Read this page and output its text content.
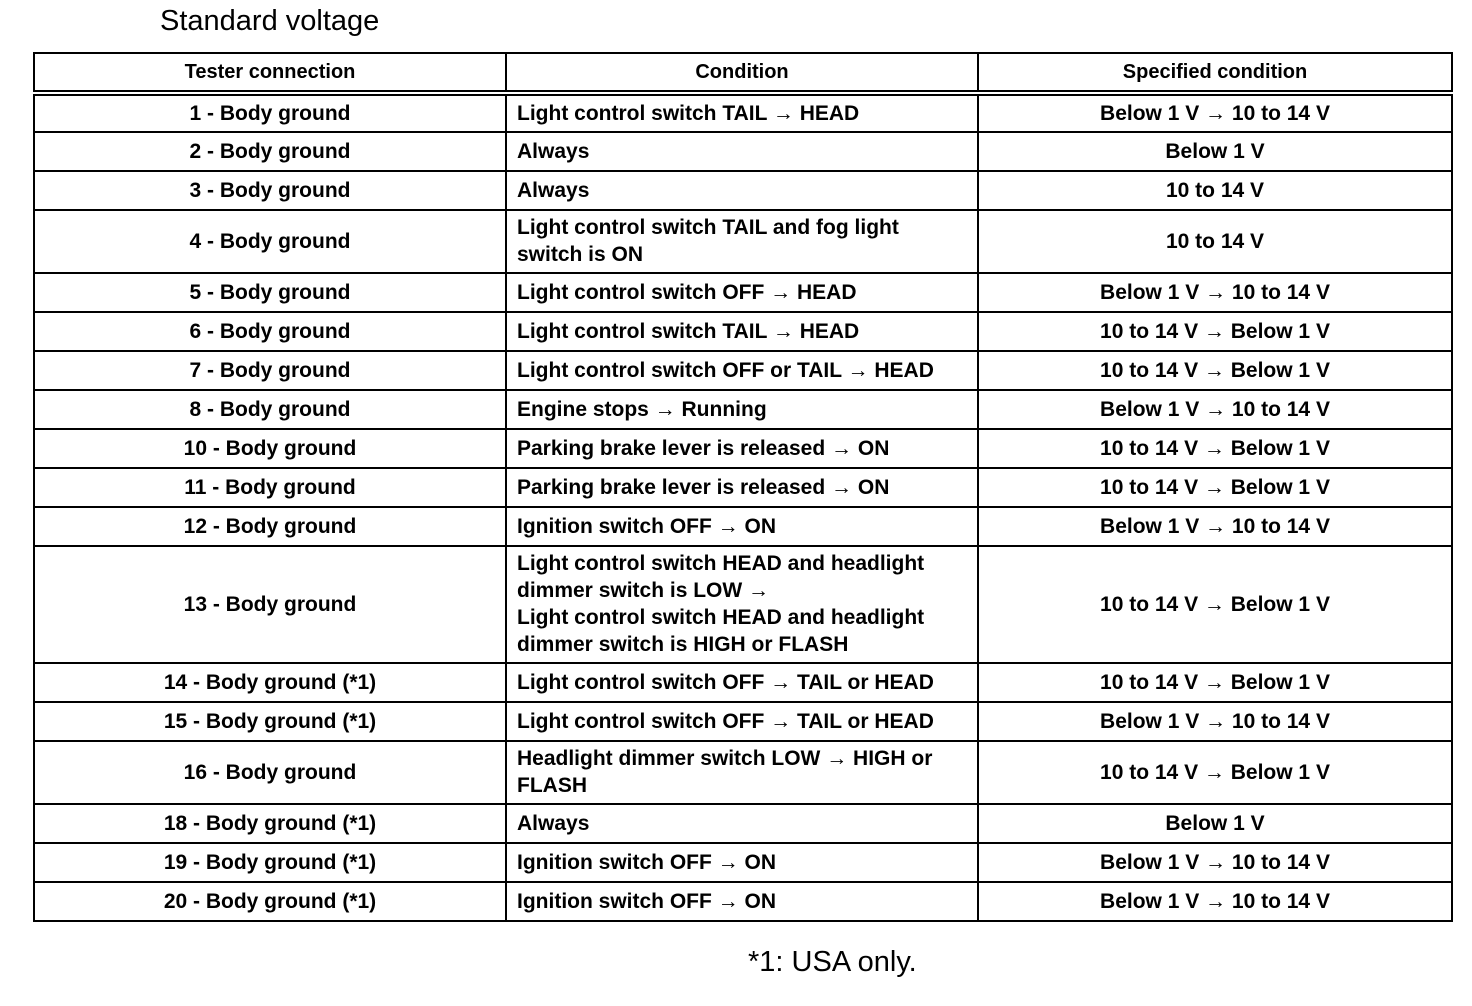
Standard voltage
Tester connection	Condition	Specified condition

1 - Body ground	Light control switch TAIL → HEAD	Below 1 V → 10 to 14 V

2 - Body ground	Always	Below 1 V

3 - Body ground	Always	10 to 14 V

4 - Body ground	Light control switch TAIL and fog light
switch is ON	10 to 14 V

5 - Body ground	Light control switch OFF → HEAD	Below 1 V → 10 to 14 V

6 - Body ground	Light control switch TAIL → HEAD	10 to 14 V → Below 1 V

7 - Body ground	Light control switch OFF or TAIL → HEAD	10 to 14 V → Below 1 V

8 - Body ground	Engine stops → Running	Below 1 V → 10 to 14 V

10 - Body ground	Parking brake lever is released → ON	10 to 14 V → Below 1 V

11 - Body ground	Parking brake lever is released → ON	10 to 14 V → Below 1 V

12 - Body ground	Ignition switch OFF → ON	Below 1 V → 10 to 14 V

13 - Body ground	Light control switch HEAD and headlight
dimmer switch is LOW →
Light control switch HEAD and headlight
dimmer switch is HIGH or FLASH	10 to 14 V → Below 1 V

14 - Body ground (*1)	Light control switch OFF → TAIL or HEAD	10 to 14 V → Below 1 V

15 - Body ground (*1)	Light control switch OFF → TAIL or HEAD	Below 1 V → 10 to 14 V

16 - Body ground	Headlight dimmer switch LOW → HIGH or
FLASH	10 to 14 V → Below 1 V

18 - Body ground (*1)	Always	Below 1 V

19 - Body ground (*1)	Ignition switch OFF → ON	Below 1 V → 10 to 14 V

20 - Body ground (*1)	Ignition switch OFF → ON	Below 1 V → 10 to 14 V
*1: USA only.
